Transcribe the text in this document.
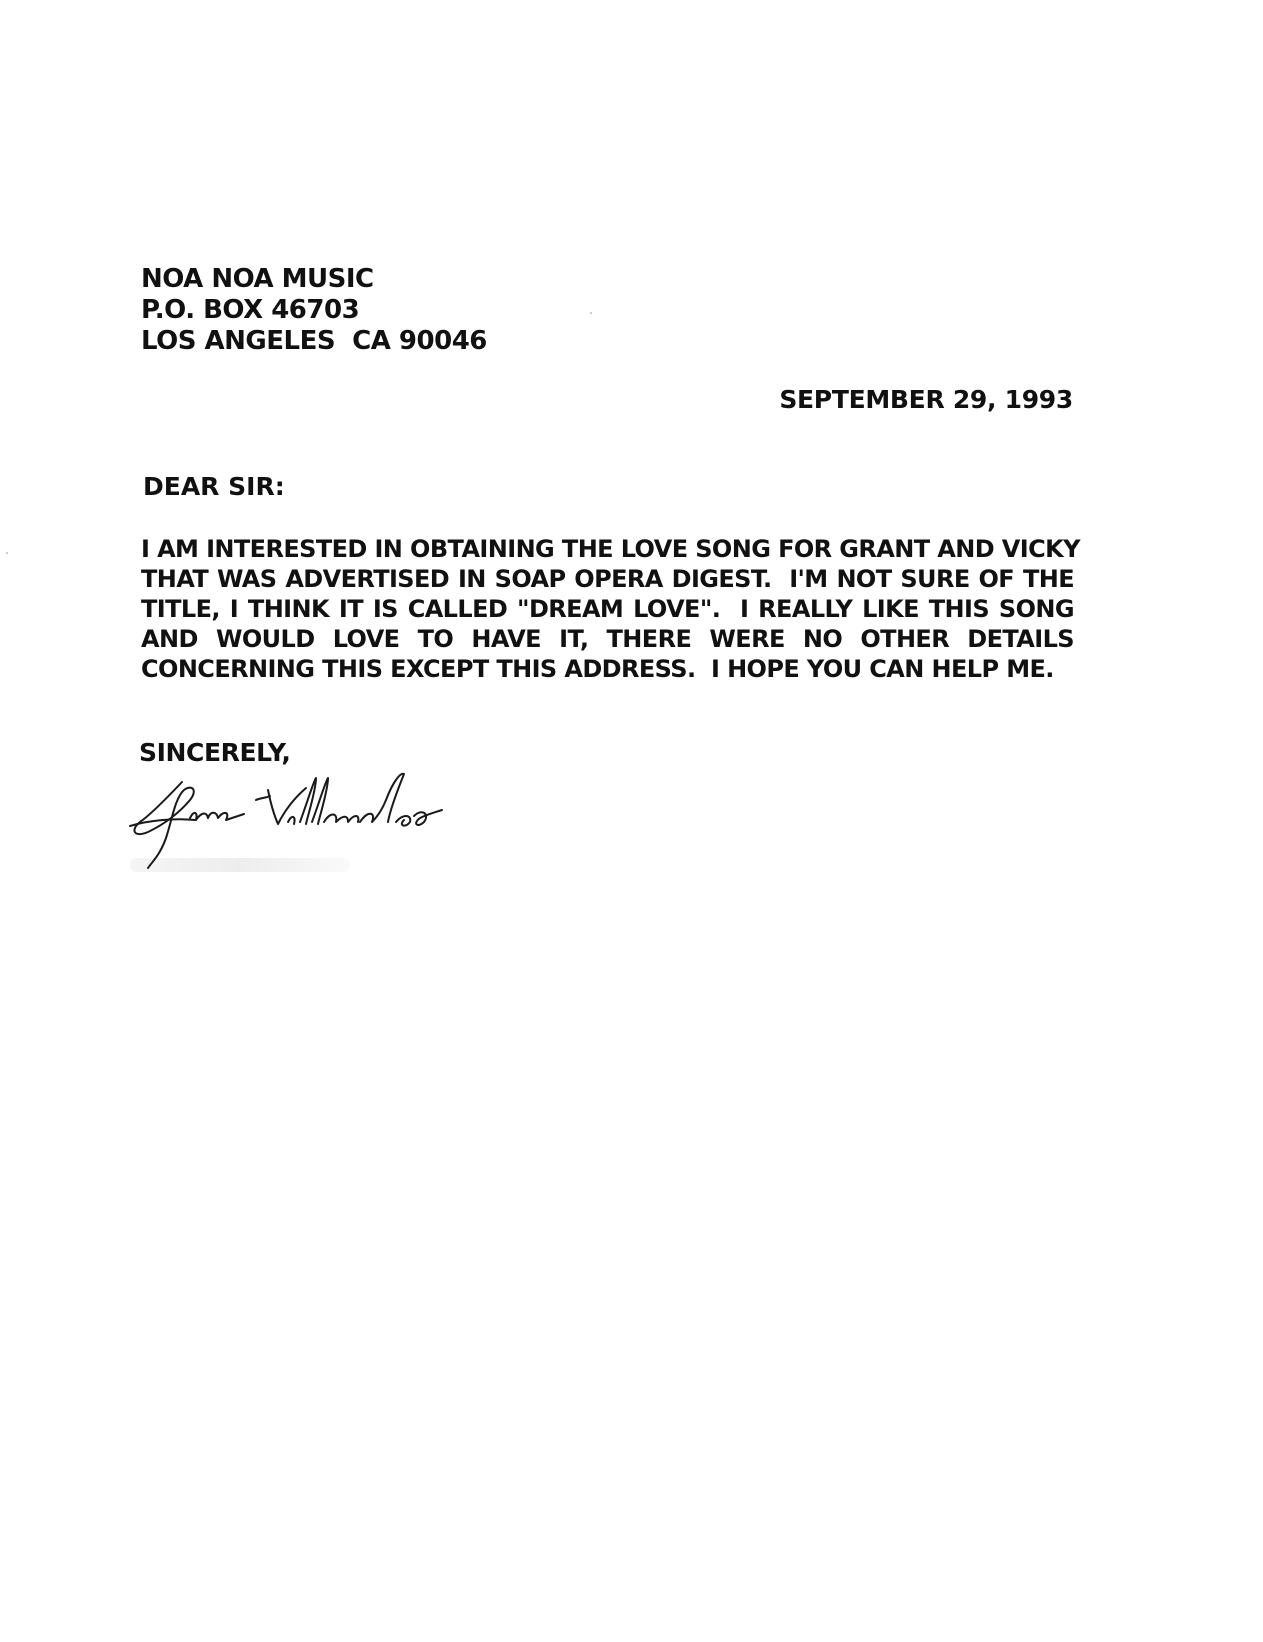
NOA NOA MUSIC
P.O. BOX 46703
LOS ANGELES  CA 90046
SEPTEMBER 29, 1993
DEAR SIR:
I AM INTERESTED IN OBTAINING THE LOVE SONG FOR GRANT AND VICKY
THAT WAS ADVERTISED IN SOAP OPERA DIGEST.  I'M NOT SURE OF THE
TITLE, I THINK IT IS CALLED "DREAM LOVE".  I REALLY LIKE THIS SONG
AND WOULD LOVE TO HAVE IT, THERE WERE NO OTHER DETAILS
CONCERNING THIS EXCEPT THIS ADDRESS.  I HOPE YOU CAN HELP ME.
SINCERELY,
